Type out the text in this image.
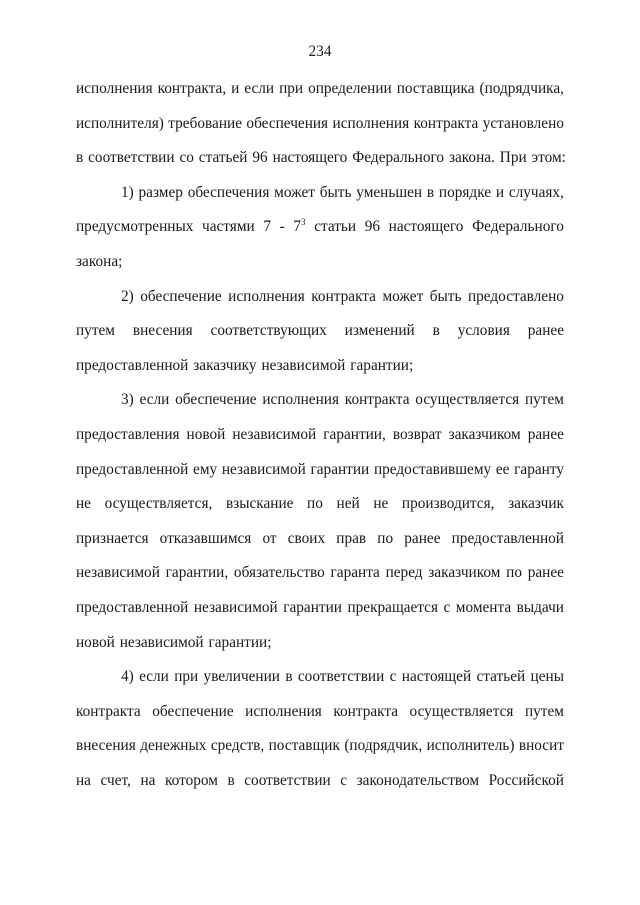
234
исполнения контракта, и если при определении поставщика (подрядчика,
исполнителя) требование обеспечения исполнения контракта установлено
в соответствии со статьей 96 настоящего Федерального закона. При этом:
1) размер обеспечения может быть уменьшен в порядке и случаях,
предусмотренных частями $7 - 7^3$ статьи 96 настоящего Федерального
закона;
2) обеспечение исполнения контракта может быть предоставлено
путем внесения соответствующих изменений в условия ранее
предоставленной заказчику независимой гарантии;
3) если обеспечение исполнения контракта осуществляется путем
предоставления новой независимой гарантии, возврат заказчиком ранее
предоставленной ему независимой гарантии предоставившему ее гаранту
не осуществляется, взыскание по ней не производится, заказчик
признается отказавшимся от своих прав по ранее предоставленной
независимой гарантии, обязательство гаранта перед заказчиком по ранее
предоставленной независимой гарантии прекращается с момента выдачи
новой независимой гарантии;
4) если при увеличении в соответствии с настоящей статьей цены
контракта обеспечение исполнения контракта осуществляется путем
внесения денежных средств, поставщик (подрядчик, исполнитель) вносит
на счет, на котором в соответствии с законодательством Российской
